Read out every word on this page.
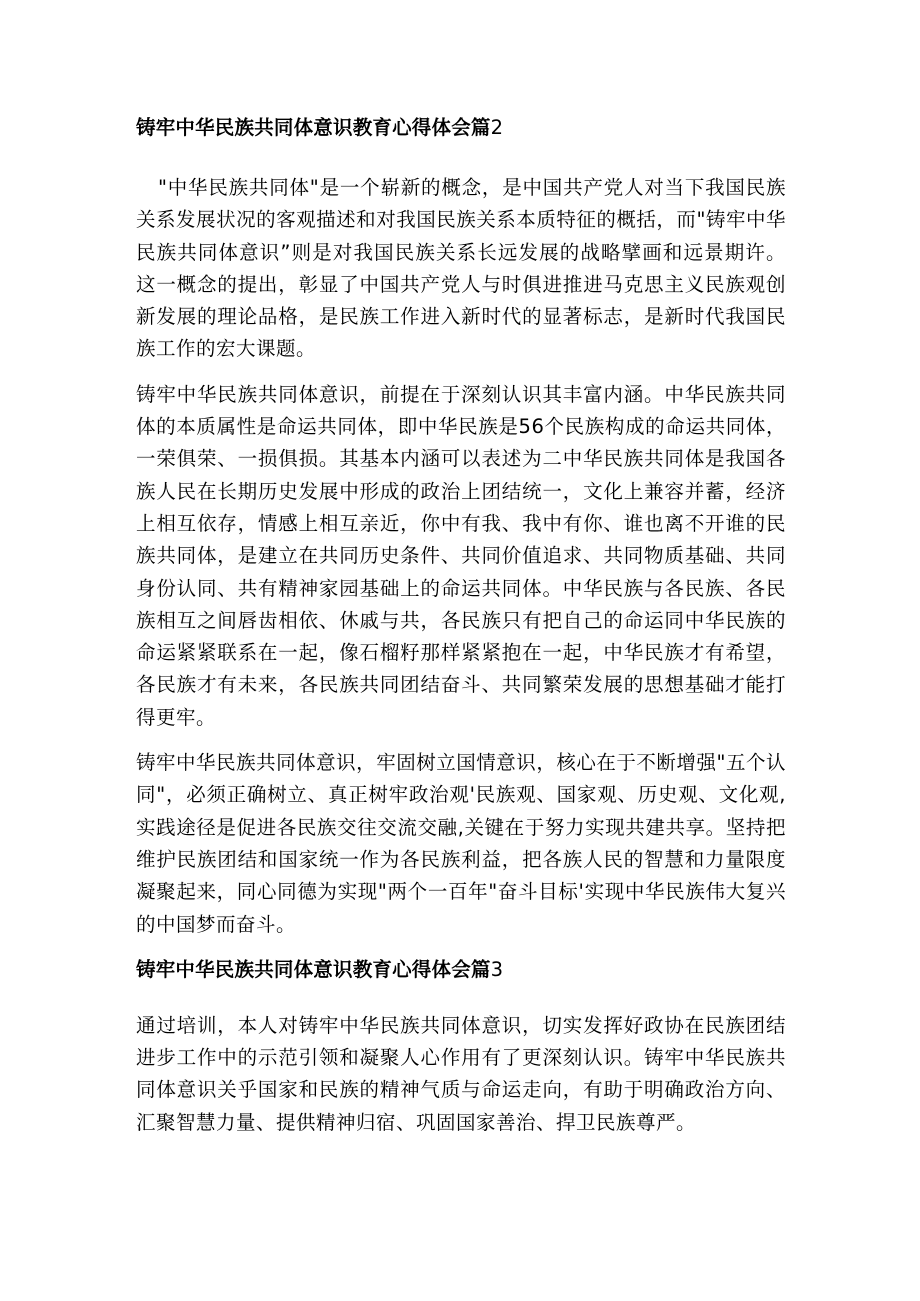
铸牢中华民族共同体意识教育心得体会篇2

"中华民族共同体"是一个崭新的概念，是中国共产党人对当下我国民族关系发展状况的客观描述和对我国民族关系本质特征的概括，而"铸牢中华民族共同体意识”则是对我国民族关系长远发展的战略擘画和远景期许。这一概念的提出，彰显了中国共产党人与时俱进推进马克思主义民族观创新发展的理论品格，是民族工作进入新时代的显著标志，是新时代我国民族工作的宏大课题。

铸牢中华民族共同体意识，前提在于深刻认识其丰富内涵。中华民族共同体的本质属性是命运共同体，即中华民族是56个民族构成的命运共同体，一荣俱荣、一损俱损。其基本内涵可以表述为二中华民族共同体是我国各族人民在长期历史发展中形成的政治上团结统一，文化上兼容并蓄，经济上相互依存，情感上相互亲近，你中有我、我中有你、谁也离不开谁的民族共同体，是建立在共同历史条件、共同价值追求、共同物质基础、共同身份认同、共有精神家园基础上的命运共同体。中华民族与各民族、各民族相互之间唇齿相依、休戚与共，各民族只有把自己的命运同中华民族的命运紧紧联系在一起，像石榴籽那样紧紧抱在一起，中华民族才有希望，各民族才有未来，各民族共同团结奋斗、共同繁荣发展的思想基础才能打得更牢。

铸牢中华民族共同体意识，牢固树立国情意识，核心在于不断增强"五个认同"，必须正确树立、真正树牢政治观'民族观、国家观、历史观、文化观,实践途径是促进各民族交往交流交融,关键在于努力实现共建共享。坚持把维护民族团结和国家统一作为各民族利益，把各族人民的智慧和力量限度凝聚起来，同心同德为实现"两个一百年"奋斗目标'实现中华民族伟大复兴的中国梦而奋斗。

铸牢中华民族共同体意识教育心得体会篇3

通过培训，本人对铸牢中华民族共同体意识，切实发挥好政协在民族团结进步工作中的示范引领和凝聚人心作用有了更深刻认识。铸牢中华民族共同体意识关乎国家和民族的精神气质与命运走向，有助于明确政治方向、汇聚智慧力量、提供精神归宿、巩固国家善治、捍卫民族尊严。
